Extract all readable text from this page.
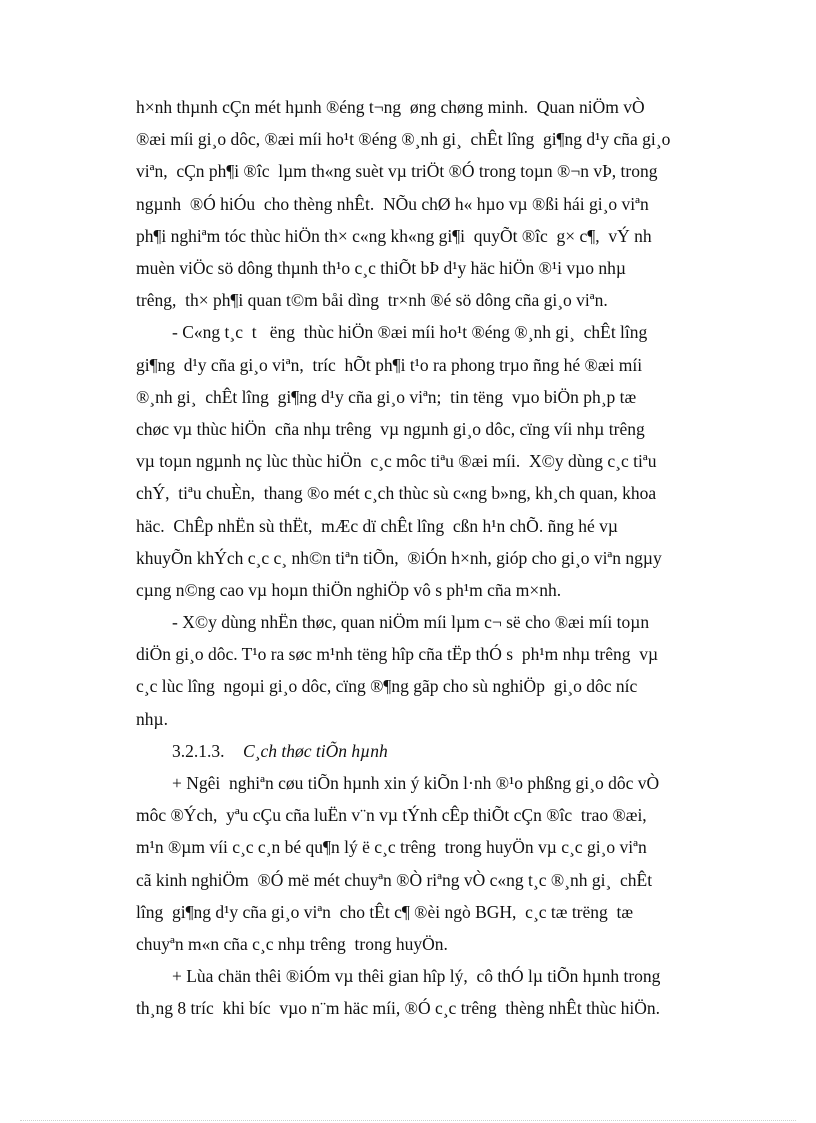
h×nh thµnh cÇn mét hµnh ®éng t¬ng  øng chøng minh.  Quan niÖm vÒ
®æi míi gi¸o dôc, ®æi míi ho¹t ®éng ®¸nh gi¸  chÊt lîng  gi¶ng d¹y cña gi¸o
viªn,  cÇn ph¶i ®îc  lµm th«ng suèt vµ triÖt ®Ó trong toµn ®¬n vÞ, trong
ngµnh  ®Ó hiÓu  cho thèng nhÊt.  NÕu chØ h« hµo vµ ®ßi hái gi¸o viªn
ph¶i nghiªm tóc thùc hiÖn th× c«ng kh«ng gi¶i  quyÕt ®îc  g× c¶,  vÝ nh
muèn viÖc sö dông thµnh th¹o c¸c thiÕt bÞ d¹y häc hiÖn ®¹i vµo nhµ
trêng,  th× ph¶i quan t©m båi dìng  tr×nh ®é sö dông cña gi¸o viªn.
- C«ng t¸c  t   ëng  thùc hiÖn ®æi míi ho¹t ®éng ®¸nh gi¸  chÊt lîng
gi¶ng  d¹y cña gi¸o viªn,  tríc  hÕt ph¶i t¹o ra phong trµo ñng hé ®æi míi
®¸nh gi¸  chÊt lîng  gi¶ng d¹y cña gi¸o viªn;  tin tëng  vµo biÖn ph¸p tæ
chøc vµ thùc hiÖn  cña nhµ trêng  vµ ngµnh gi¸o dôc, cïng víi nhµ trêng
vµ toµn ngµnh nç lùc thùc hiÖn  c¸c môc tiªu ®æi míi.  X©y dùng c¸c tiªu
chÝ,  tiªu chuÈn,  thang ®o mét c¸ch thùc sù c«ng b»ng, kh¸ch quan, khoa
häc.  ChÊp nhËn sù thËt,  mÆc dï chÊt lîng  cßn h¹n chÕ. ñng hé vµ
khuyÕn khÝch c¸c c¸ nh©n tiªn tiÕn,  ®iÓn h×nh, gióp cho gi¸o viªn ngµy
cµng n©ng cao vµ hoµn thiÖn nghiÖp vô s ph¹m cña m×nh.
- X©y dùng nhËn thøc, quan niÖm míi lµm c¬ së cho ®æi míi toµn
diÖn gi¸o dôc. T¹o ra søc m¹nh tëng hîp cña tËp thÓ s  ph¹m nhµ trêng  vµ
c¸c lùc lîng  ngoµi gi¸o dôc, cïng ®¶ng gãp cho sù nghiÖp  gi¸o dôc níc
nhµ.
3.2.1.3. C¸ch thøc tiÕn hµnh
+ Ngêi  nghiªn cøu tiÕn hµnh xin ý kiÕn l·nh ®¹o phßng gi¸o dôc vÒ
môc ®Ých,  yªu cÇu cña luËn v¨n vµ tÝnh cÊp thiÕt cÇn ®îc  trao ®æi,
m¹n ®µm víi c¸c c¸n bé qu¶n lý ë c¸c trêng  trong huyÖn vµ c¸c gi¸o viªn
cã kinh nghiÖm  ®Ó më mét chuyªn ®Ò riªng vÒ c«ng t¸c ®¸nh gi¸  chÊt
lîng  gi¶ng d¹y cña gi¸o viªn  cho tÊt c¶ ®èi ngò BGH,  c¸c tæ trëng  tæ
chuyªn m«n cña c¸c nhµ trêng  trong huyÖn.
+ Lùa chän thêi ®iÓm vµ thêi gian hîp lý,  cô thÓ lµ tiÕn hµnh trong
th¸ng 8 tríc  khi bíc  vµo n¨m häc míi, ®Ó c¸c trêng  thèng nhÊt thùc hiÖn.
